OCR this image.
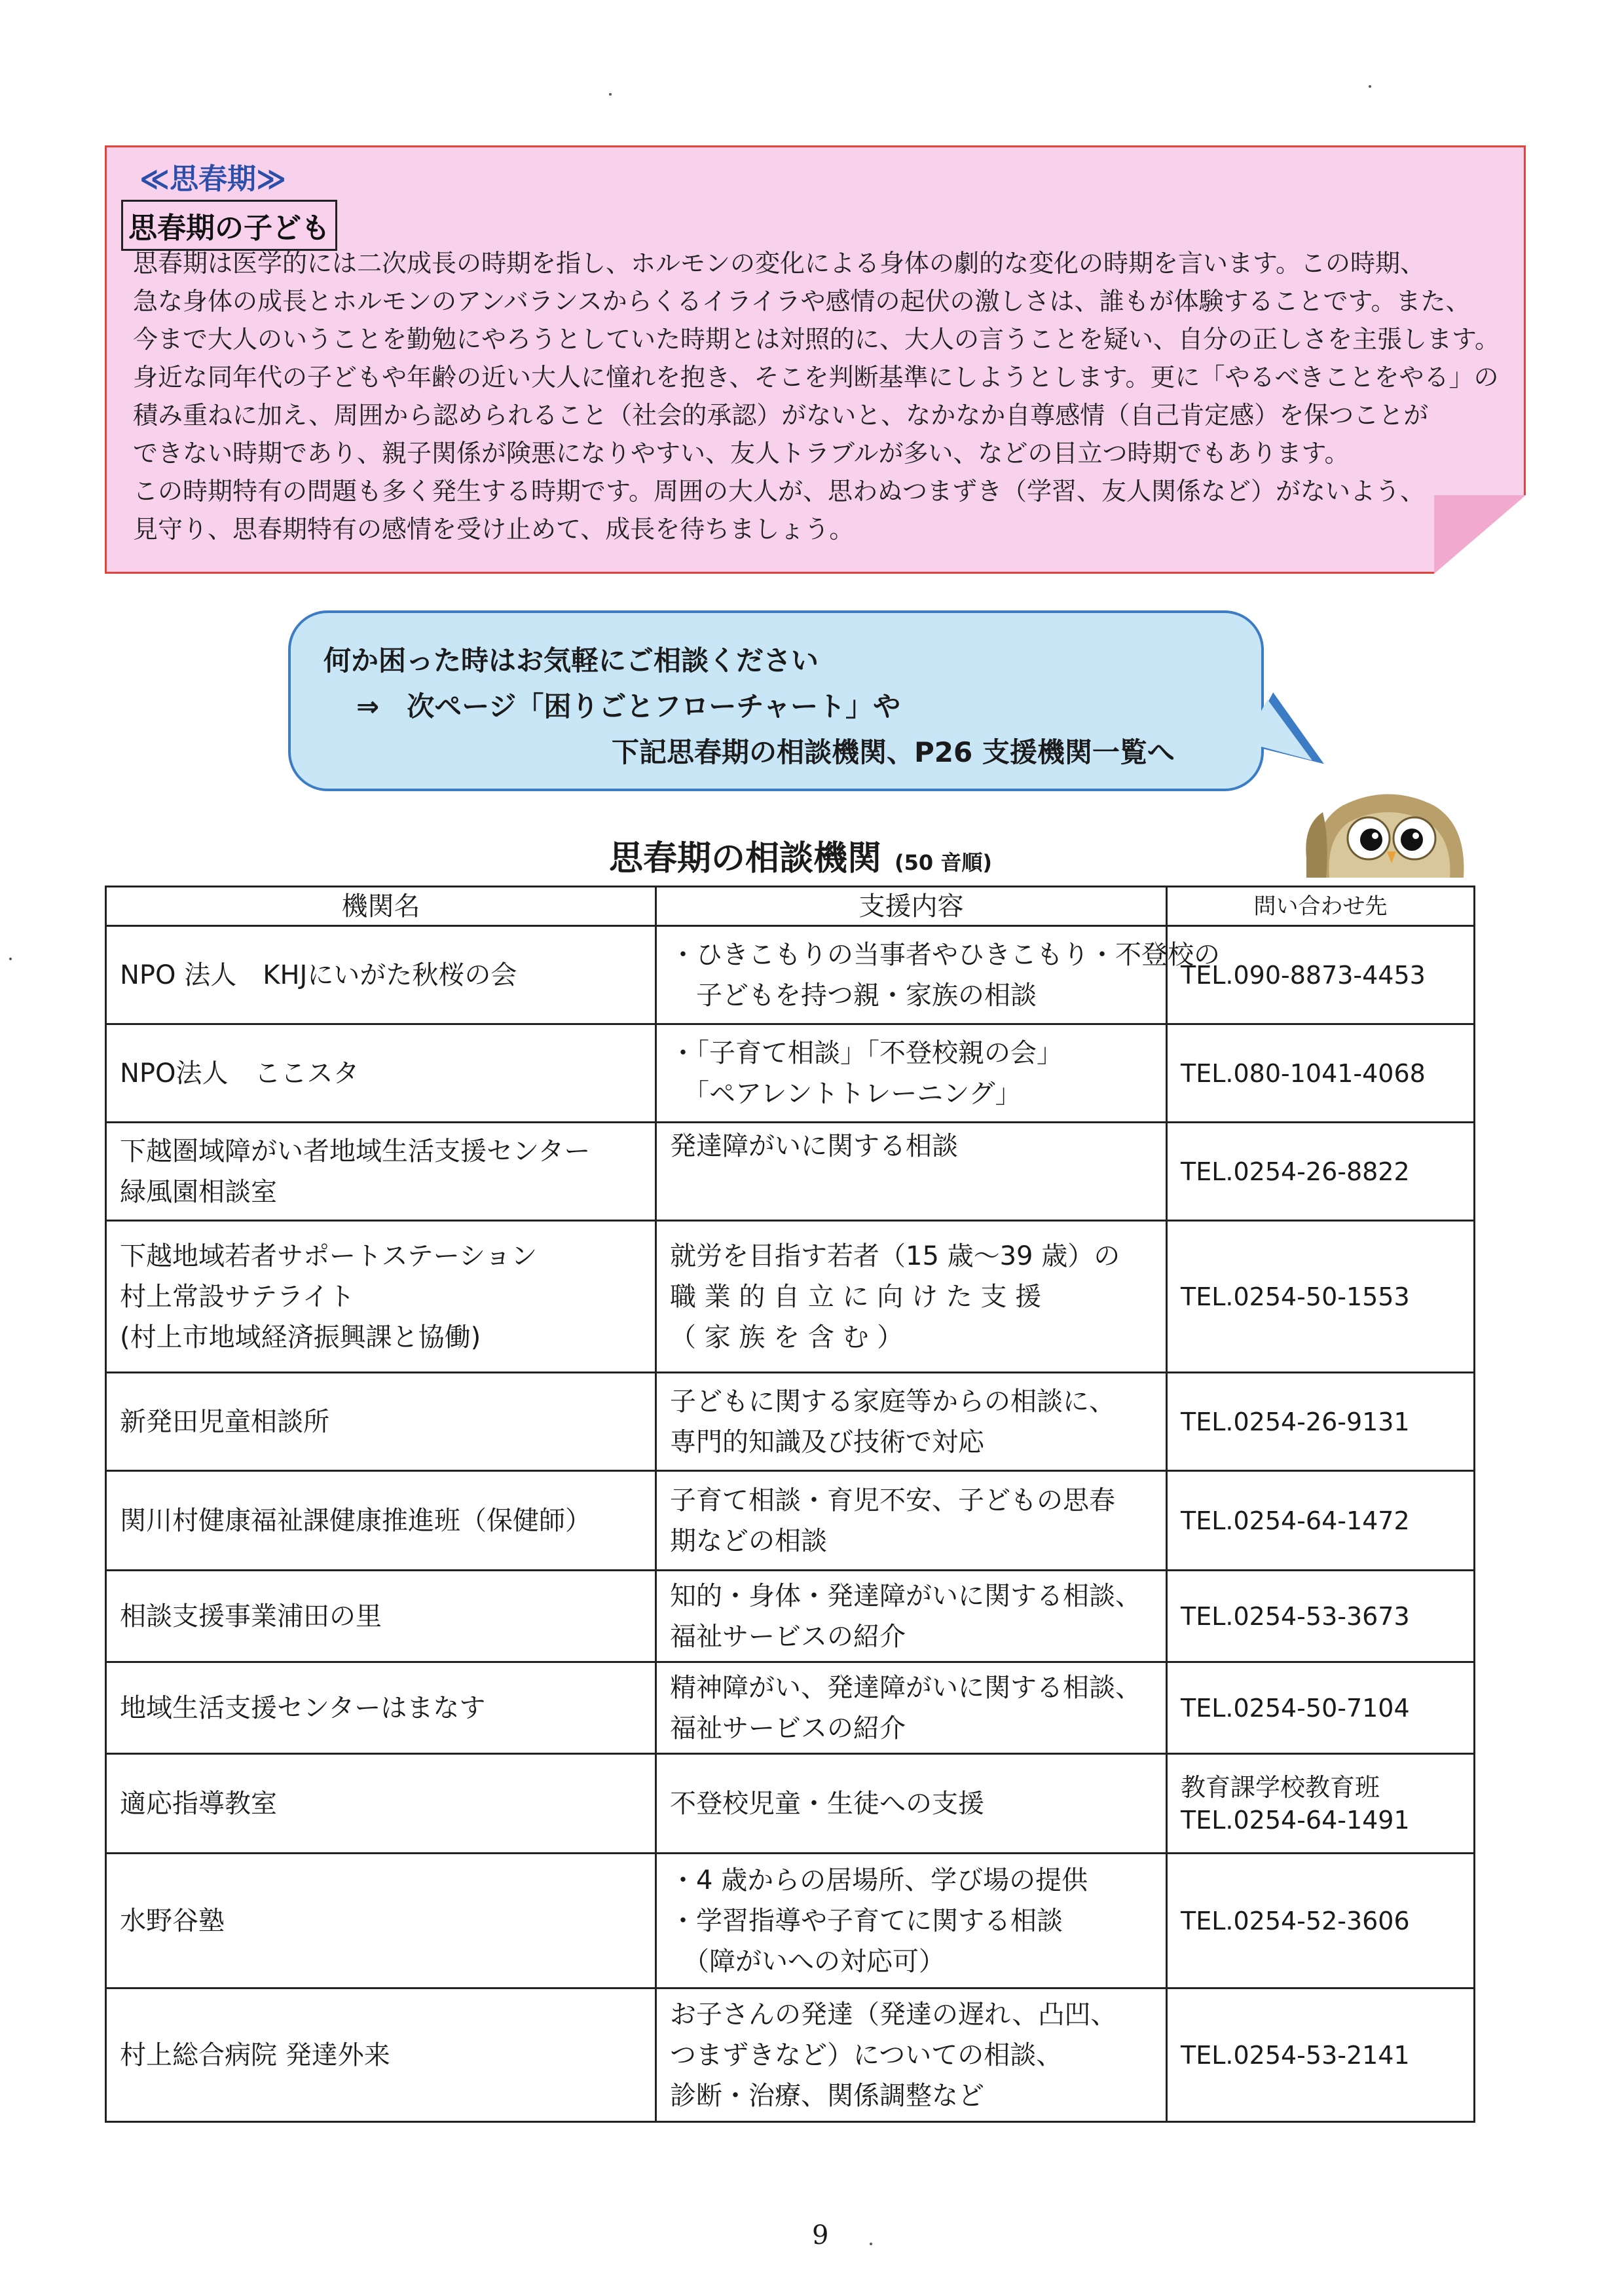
≪思春期≫
思春期の子ども

思春期は医学的には二次成長の時期を指し、ホルモンの変化による身体の劇的な変化の時期を言います。この時期、

急な身体の成長とホルモンのアンバランスからくるイライラや感情の起伏の激しさは、誰もが体験することです。また、

今まで大人のいうことを勤勉にやろうとしていた時期とは対照的に、大人の言うことを疑い、自分の正しさを主張します。

身近な同年代の子どもや年齢の近い大人に憧れを抱き、そこを判断基準にしようとします。更に「やるべきことをやる」の

積み重ねに加え、周囲から認められること（社会的承認）がないと、なかなか自尊感情（自己肯定感）を保つことが

できない時期であり、親子関係が険悪になりやすい、友人トラブルが多い、などの目立つ時期でもあります。

この時期特有の問題も多く発生する時期です。周囲の大人が、思わぬつまずき（学習、友人関係など）がないよう、

見守り、思春期特有の感情を受け止めて、成長を待ちましょう。

何か困った時はお気軽にご相談ください
⇒　次ページ「困りごとフローチャート」や
下記思春期の相談機関、P26 支援機関一覧へ
思春期の相談機関 (50 音順)
機関名	支援内容	問い合わせ先

NPO 法人　KHJにいがた秋桜の会	・ひきこもりの当事者やひきこもり・不登校の
　子どもを持つ親・家族の相談	TEL.090-8873-4453

NPO法人　ここスタ	・「子育て相談」「不登校親の会」
　「ペアレントトレーニング」	TEL.080-1041-4068

下越圏域障がい者地域生活支援センター
緑風園相談室	発達障がいに関する相談	TEL.0254-26-8822

下越地域若者サポートステーション
村上常設サテライト
(村上市地域経済振興課と協働)	就労を目指す若者（15 歳～39 歳）の
職 業 的 自 立 に 向 け た 支 援
（ 家 族 を 含 む ）	TEL.0254-50-1553

新発田児童相談所	子どもに関する家庭等からの相談に、
専門的知識及び技術で対応	TEL.0254-26-9131

関川村健康福祉課健康推進班（保健師）	子育て相談・育児不安、子どもの思春
期などの相談	TEL.0254-64-1472

相談支援事業浦田の里	知的・身体・発達障がいに関する相談、
福祉サービスの紹介	TEL.0254-53-3673

地域生活支援センターはまなす	精神障がい、発達障がいに関する相談、
福祉サービスの紹介	TEL.0254-50-7104

適応指導教室	不登校児童・生徒への支援	教育課学校教育班
TEL.0254-64-1491

水野谷塾	・4 歳からの居場所、学び場の提供
・学習指導や子育てに関する相談
　（障がいへの対応可）	TEL.0254-52-3606

村上総合病院 発達外来	お子さんの発達（発達の遅れ、凸凹、
つまずきなど）についての相談、
診断・治療、関係調整など	TEL.0254-53-2141
9
